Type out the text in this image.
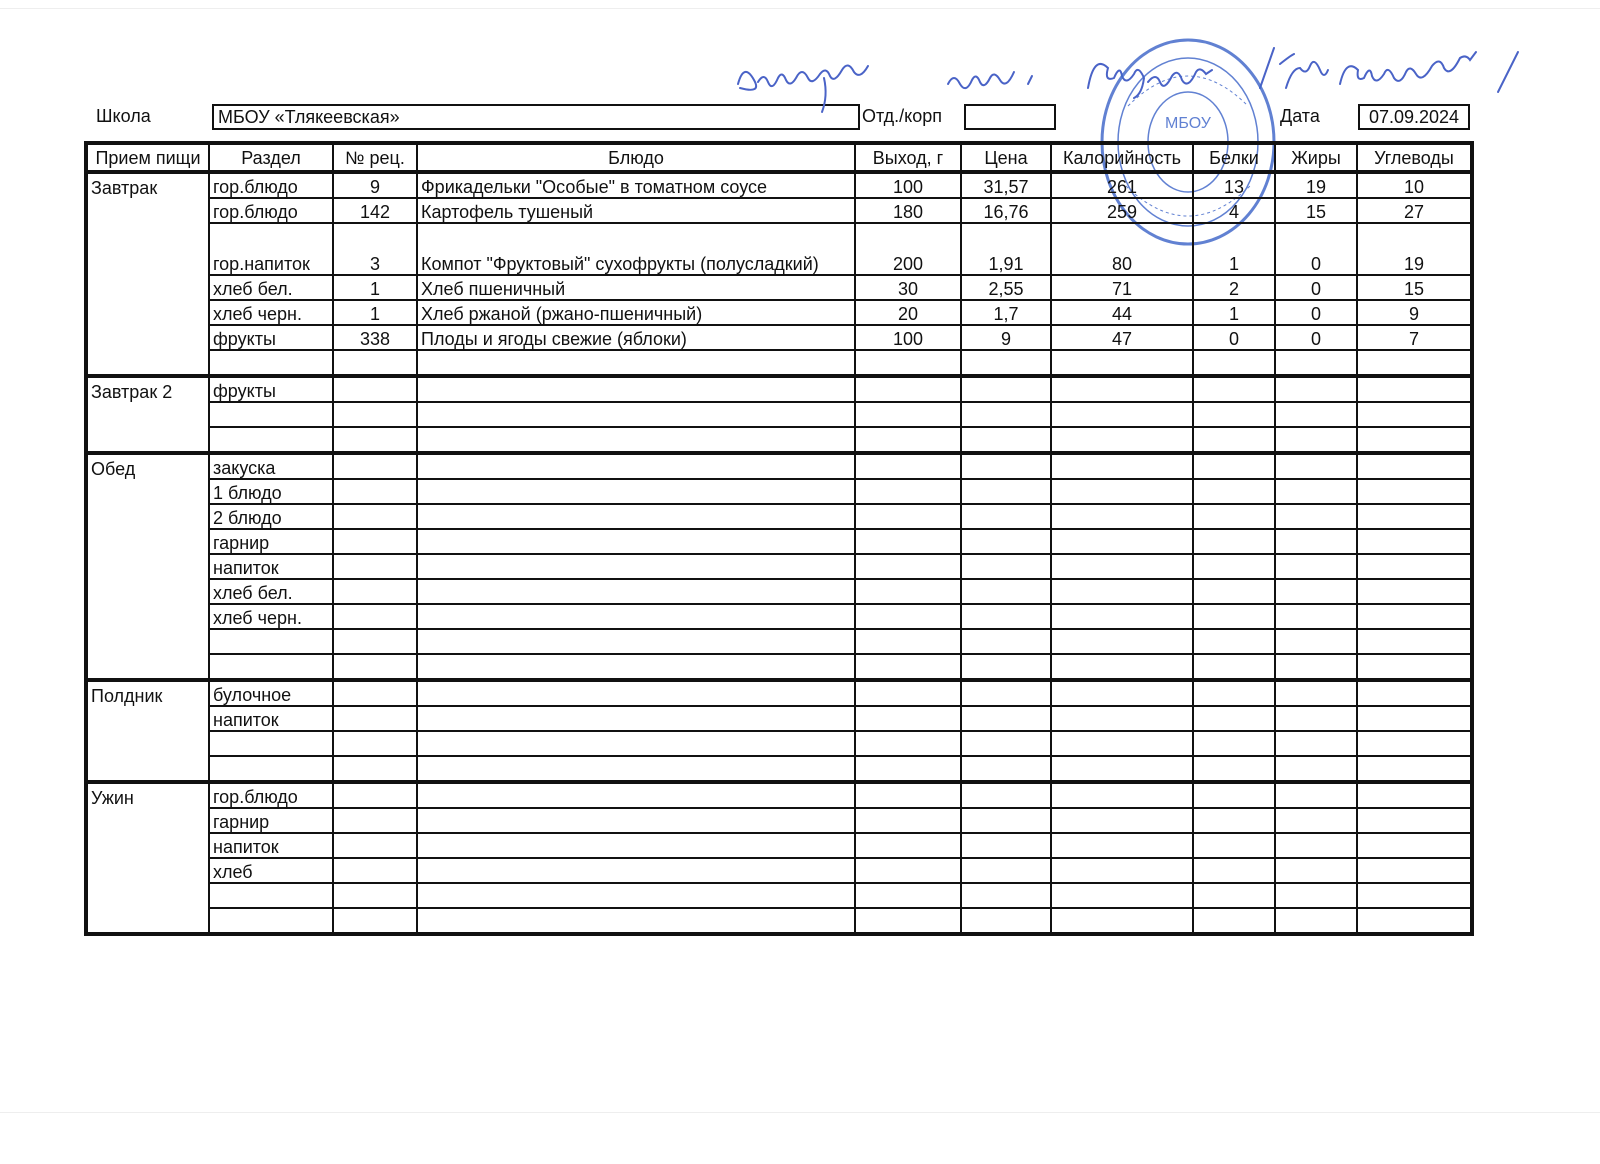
Школа	МБОУ «Тлякеевская»	Отд./корп	Дата	07.09.2024
МБОУ
Прием пищи	Раздел	№ рец.	Блюдо	Выход, г	Цена	Калорийность	Белки	Жиры	Углеводы
Завтрак	гор.блюдо	9	Фрикадельки "Особые" в томатном соусе	100	31,57	261	13	19	10
	гор.блюдо	142	Картофель тушеный	180	16,76	259	4	15	27
	гор.напиток	3	Компот "Фруктовый" сухофрукты (полусладкий)	200	1,91	80	1	0	19
	хлеб бел.	1	Хлеб пшеничный	30	2,55	71	2	0	15
	хлеб черн.	1	Хлеб ржаной (ржано-пшеничный)	20	1,7	44	1	0	9
	фрукты	338	Плоды и ягоды свежие (яблоки)	100	9	47	0	0	7

Завтрак 2	фрукты								

Обед	закуска								
	1 блюдо								
	2 блюдо								
	гарнир								
	напиток								
	хлеб бел.								
	хлеб черн.								

Полдник	булочное								
	напиток								

Ужин	гор.блюдо								
	гарнир								
	напиток								
	хлеб								
